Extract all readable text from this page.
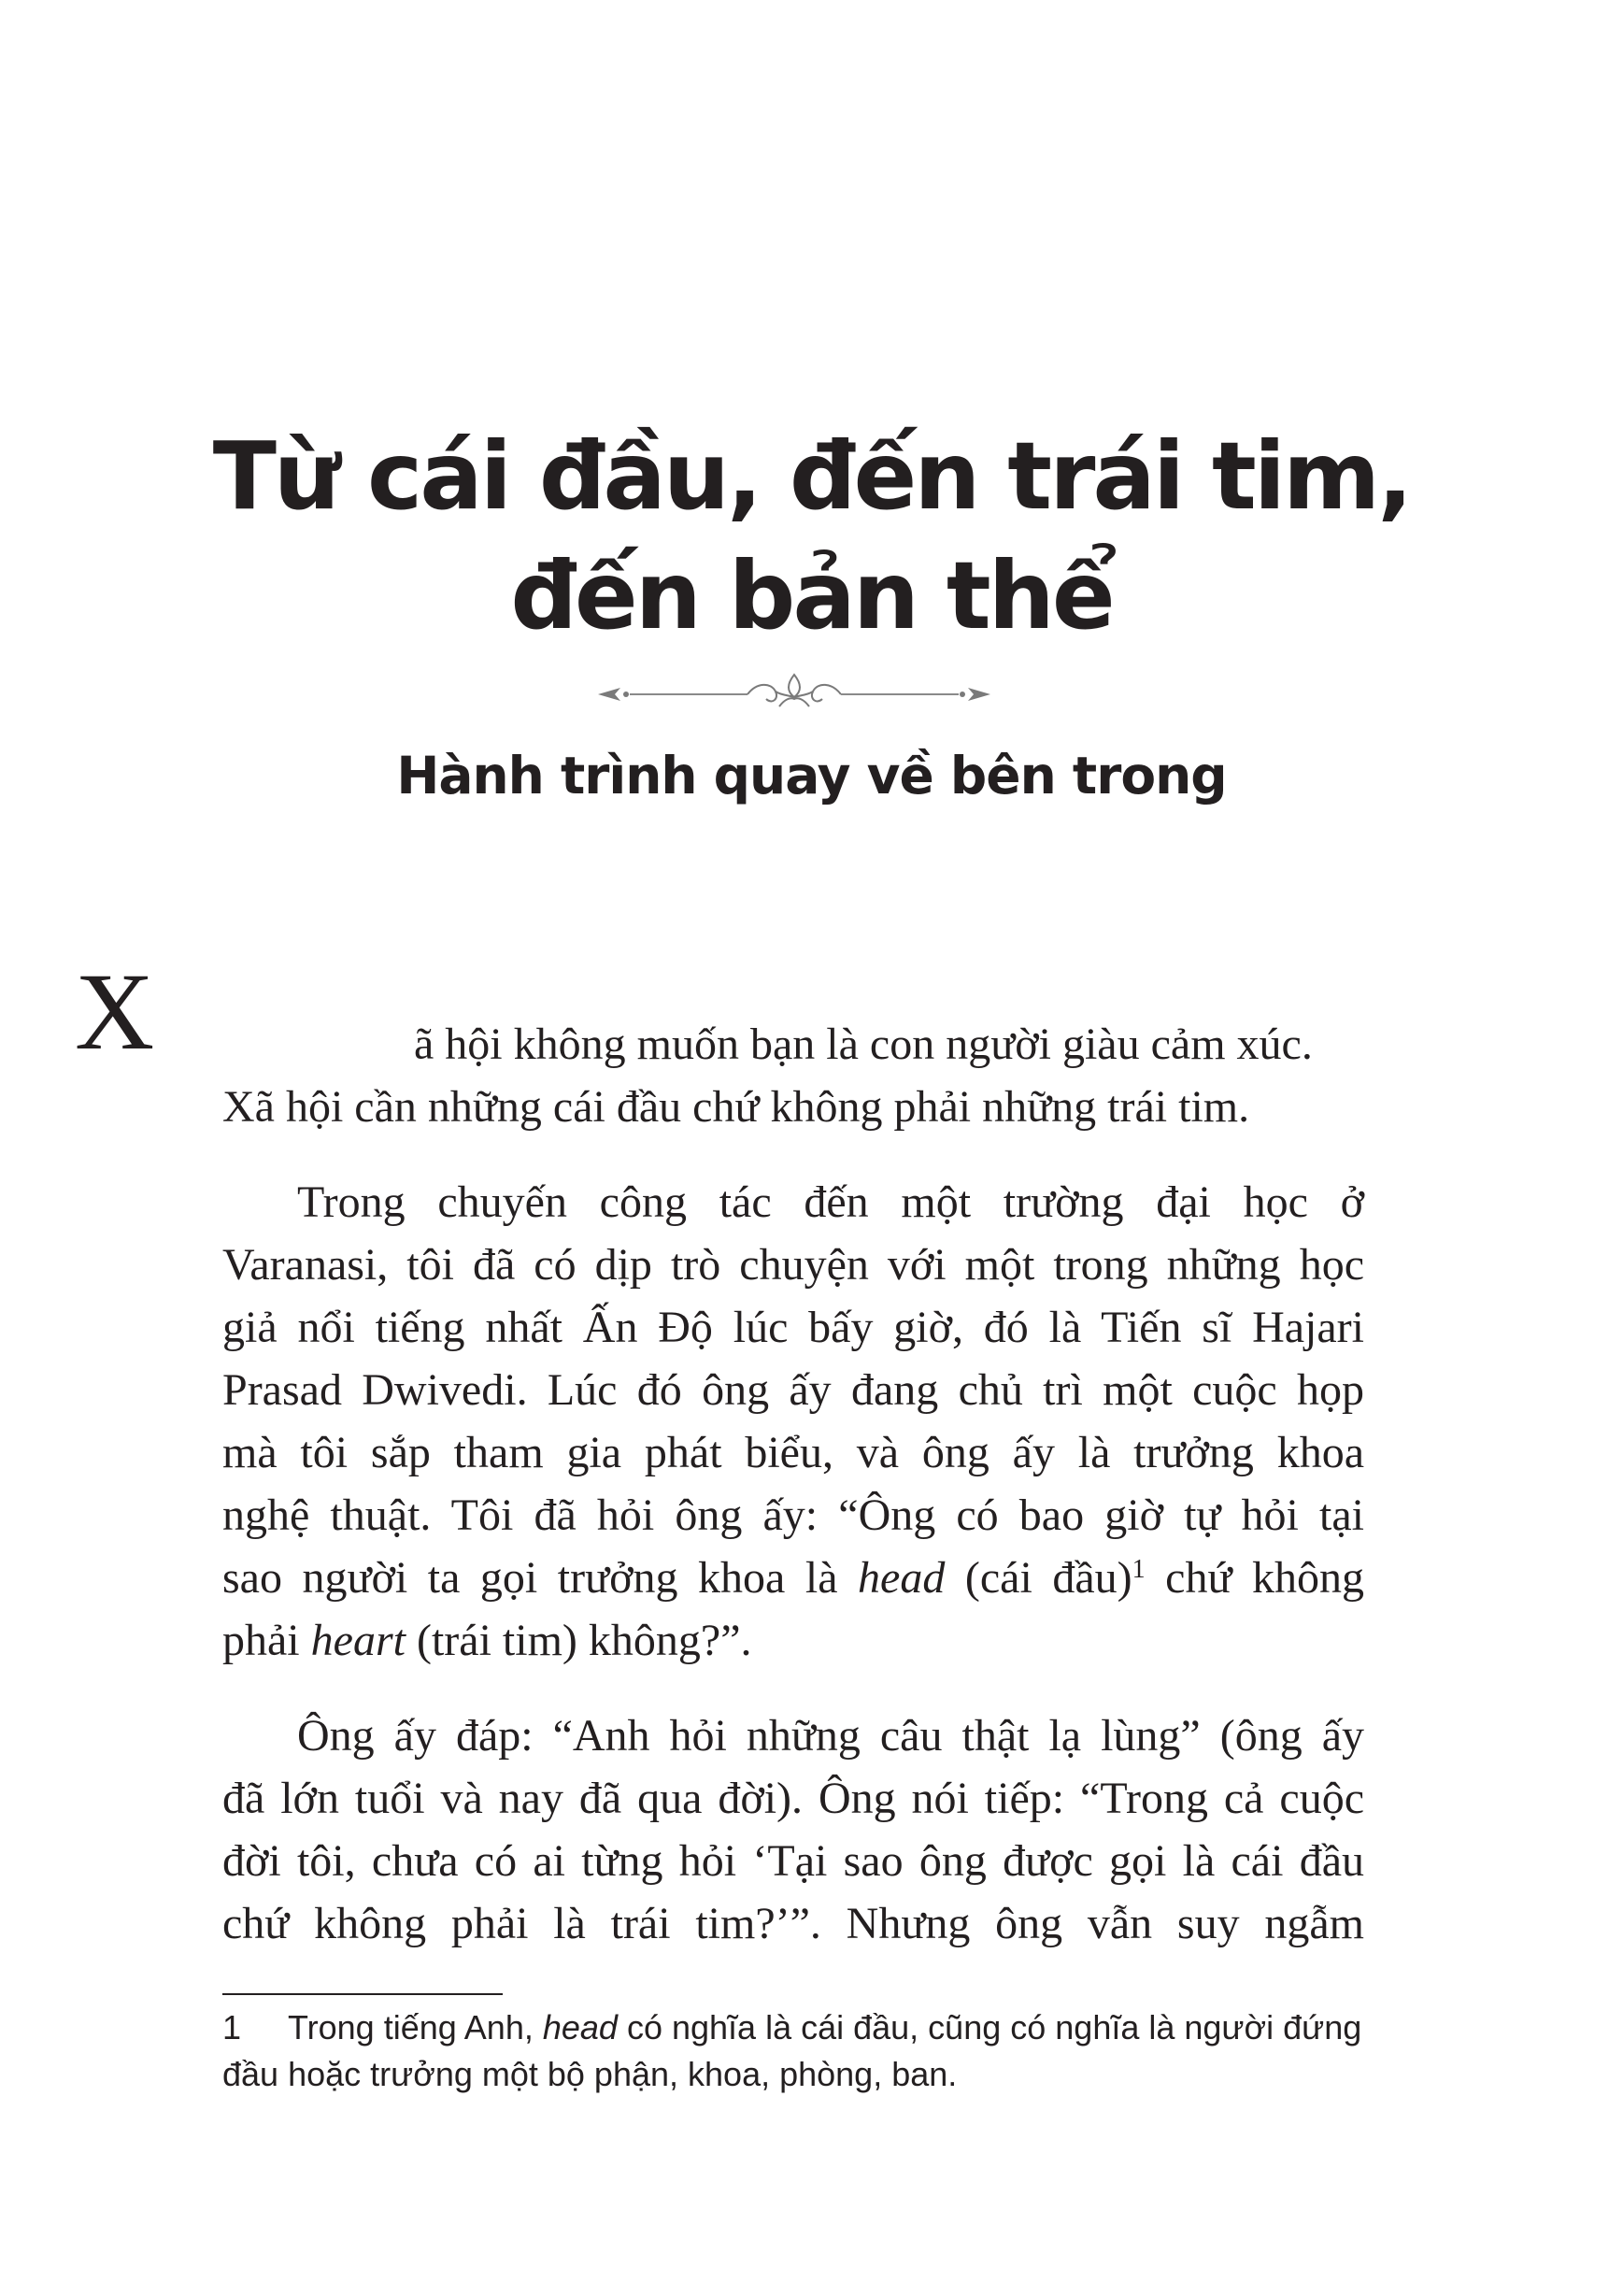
Từ cái đầu, đến trái tim,
đến bản thể
Hành trình quay về bên trong
X	ã hội không muốn bạn là con người giàu cảm xúc.
Xã hội cần những cái đầu chứ không phải những trái tim.
Trong chuyến công tác đến một trường đại học ở
Varanasi, tôi đã có dịp trò chuyện với một trong những học
giả nổi tiếng nhất Ấn Độ lúc bấy giờ, đó là Tiến sĩ Hajari
Prasad Dwivedi. Lúc đó ông ấy đang chủ trì một cuộc họp
mà tôi sắp tham gia phát biểu, và ông ấy là trưởng khoa
nghệ thuật. Tôi đã hỏi ông ấy: “Ông có bao giờ tự hỏi tại
sao người ta gọi trưởng khoa là head (cái đầu)$^1$ chứ không
phải heart (trái tim) không?”.
Ông ấy đáp: “Anh hỏi những câu thật lạ lùng” (ông ấy
đã lớn tuổi và nay đã qua đời). Ông nói tiếp: “Trong cả cuộc
đời tôi, chưa có ai từng hỏi ‘Tại sao ông được gọi là cái đầu
chứ không phải là trái tim?’”. Nhưng ông vẫn suy ngẫm
1 Trong tiếng Anh, head có nghĩa là cái đầu, cũng có nghĩa là người đứng
đầu hoặc trưởng một bộ phận, khoa, phòng, ban.
